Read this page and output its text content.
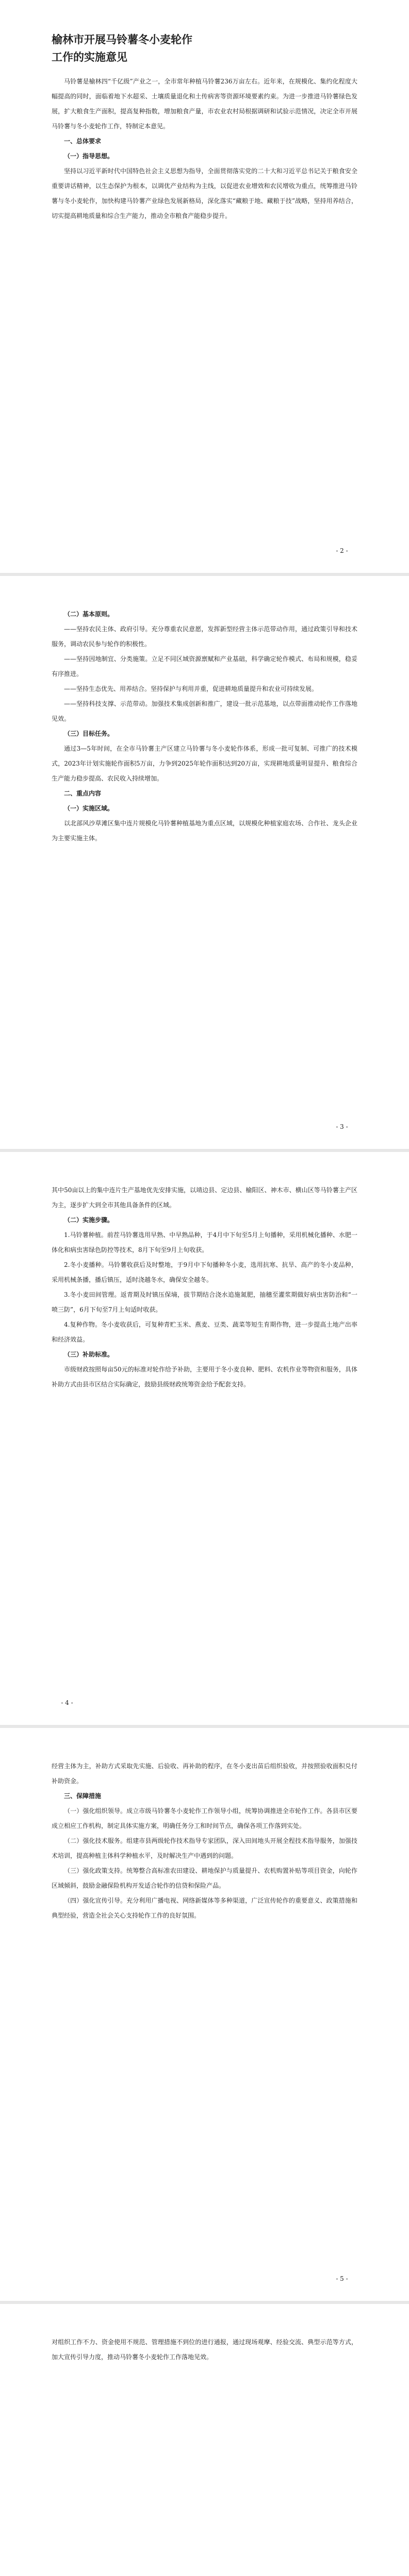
榆林市开展马铃薯冬小麦轮作

工作的实施意见

马铃薯是榆林四“千亿级”产业之一，全市常年种植马铃薯236万亩左右。近年来，在规模化、集约化程度大幅提高的同时，面临着地下水超采、土壤质量退化和土传病害等资源环境要素约束。为进一步推进马铃薯绿色发展，扩大粮食生产面积，提高复种指数，增加粮食产量，市农业农村局根据调研和试验示范情况，决定全市开展马铃薯与冬小麦轮作工作，特制定本意见。

一、总体要求

（一）指导思想。

坚持以习近平新时代中国特色社会主义思想为指导，全面贯彻落实党的二十大和习近平总书记关于粮食安全重要讲话精神，以生态保护为根本，以调优产业结构为主线，以促进农业增效和农民增收为重点，统筹推进马铃薯与冬小麦轮作，加快构建马铃薯产业绿色发展新格局，深化落实“藏粮于地、藏粮于技”战略，坚持用养结合，切实提高耕地质量和综合生产能力，推动全市粮食产能稳步提升。

- 2 -

（二）基本原则。

——坚持农民主体、政府引导。充分尊重农民意愿，发挥新型经营主体示范带动作用，通过政策引导和技术服务，调动农民参与轮作的积极性。

——坚持因地制宜、分类施策。立足不同区域资源禀赋和产业基础，科学确定轮作模式、布局和规模，稳妥有序推进。

——坚持生态优先、用养结合。坚持保护与利用并重，促进耕地质量提升和农业可持续发展。

——坚持科技支撑、示范带动。加强技术集成创新和推广，建设一批示范基地，以点带面推动轮作工作落地见效。

（三）目标任务。

通过3—5年时间，在全市马铃薯主产区建立马铃薯与冬小麦轮作体系，形成一批可复制、可推广的技术模式，2023年计划实施轮作面积5万亩，力争到2025年轮作面积达到20万亩，实现耕地质量明显提升、粮食综合生产能力稳步提高、农民收入持续增加。

二、重点内容

（一）实施区域。

以北部风沙草滩区集中连片规模化马铃薯种植基地为重点区域，以规模化种植家庭农场、合作社、龙头企业为主要实施主体。

- 3 -

其中50亩以上的集中连片生产基地优先安排实施，以靖边县、定边县、榆阳区、神木市、横山区等马铃薯主产区为主，逐步扩大到全市其他具备条件的区域。

（二）实施步骤。

1.马铃薯种植。前茬马铃薯选用早熟、中早熟品种，于4月中下旬至5月上旬播种，采用机械化播种、水肥一体化和病虫害绿色防控等技术，8月下旬至9月上旬收获。

2.冬小麦播种。马铃薯收获后及时整地，于9月中下旬播种冬小麦，选用抗寒、抗旱、高产的冬小麦品种，采用机械条播，播后镇压，适时浇越冬水，确保安全越冬。

3.冬小麦田间管理。返青期及时镇压保墒，拔节期结合浇水追施氮肥，抽穗至灌浆期做好病虫害防治和“一喷三防”，6月下旬至7月上旬适时收获。

4.复种作物。冬小麦收获后，可复种青贮玉米、燕麦、豆类、蔬菜等短生育期作物，进一步提高土地产出率和经济效益。

（三）补助标准。

市级财政按照每亩50元的标准对轮作给予补助，主要用于冬小麦良种、肥料、农机作业等物资和服务，具体补助方式由县市区结合实际确定，鼓励县级财政统筹资金给予配套支持。

- 4 -

经营主体为主，补助方式采取先实施、后验收、再补助的程序，在冬小麦出苗后组织验收，并按照验收面积兑付补助资金。

三、保障措施

（一）强化组织领导。成立市级马铃薯冬小麦轮作工作领导小组，统筹协调推进全市轮作工作。各县市区要成立相应工作机构，制定具体实施方案，明确任务分工和时间节点，确保各项工作落到实处。

（二）强化技术服务。组建市县两级轮作技术指导专家团队，深入田间地头开展全程技术指导服务，加强技术培训，提高种植主体科学种植水平，及时解决生产中遇到的问题。

（三）强化政策支持。统筹整合高标准农田建设、耕地保护与质量提升、农机购置补贴等项目资金，向轮作区域倾斜，鼓励金融保险机构开发适合轮作的信贷和保险产品。

（四）强化宣传引导。充分利用广播电视、网络新媒体等多种渠道，广泛宣传轮作的重要意义、政策措施和典型经验，营造全社会关心支持轮作工作的良好氛围。

- 5 -

对组织工作不力、资金使用不规范、管理措施不到位的进行通报，通过现场观摩、经验交流、典型示范等方式，加大宣传引导力度，推动马铃薯冬小麦轮作工作落地见效。
